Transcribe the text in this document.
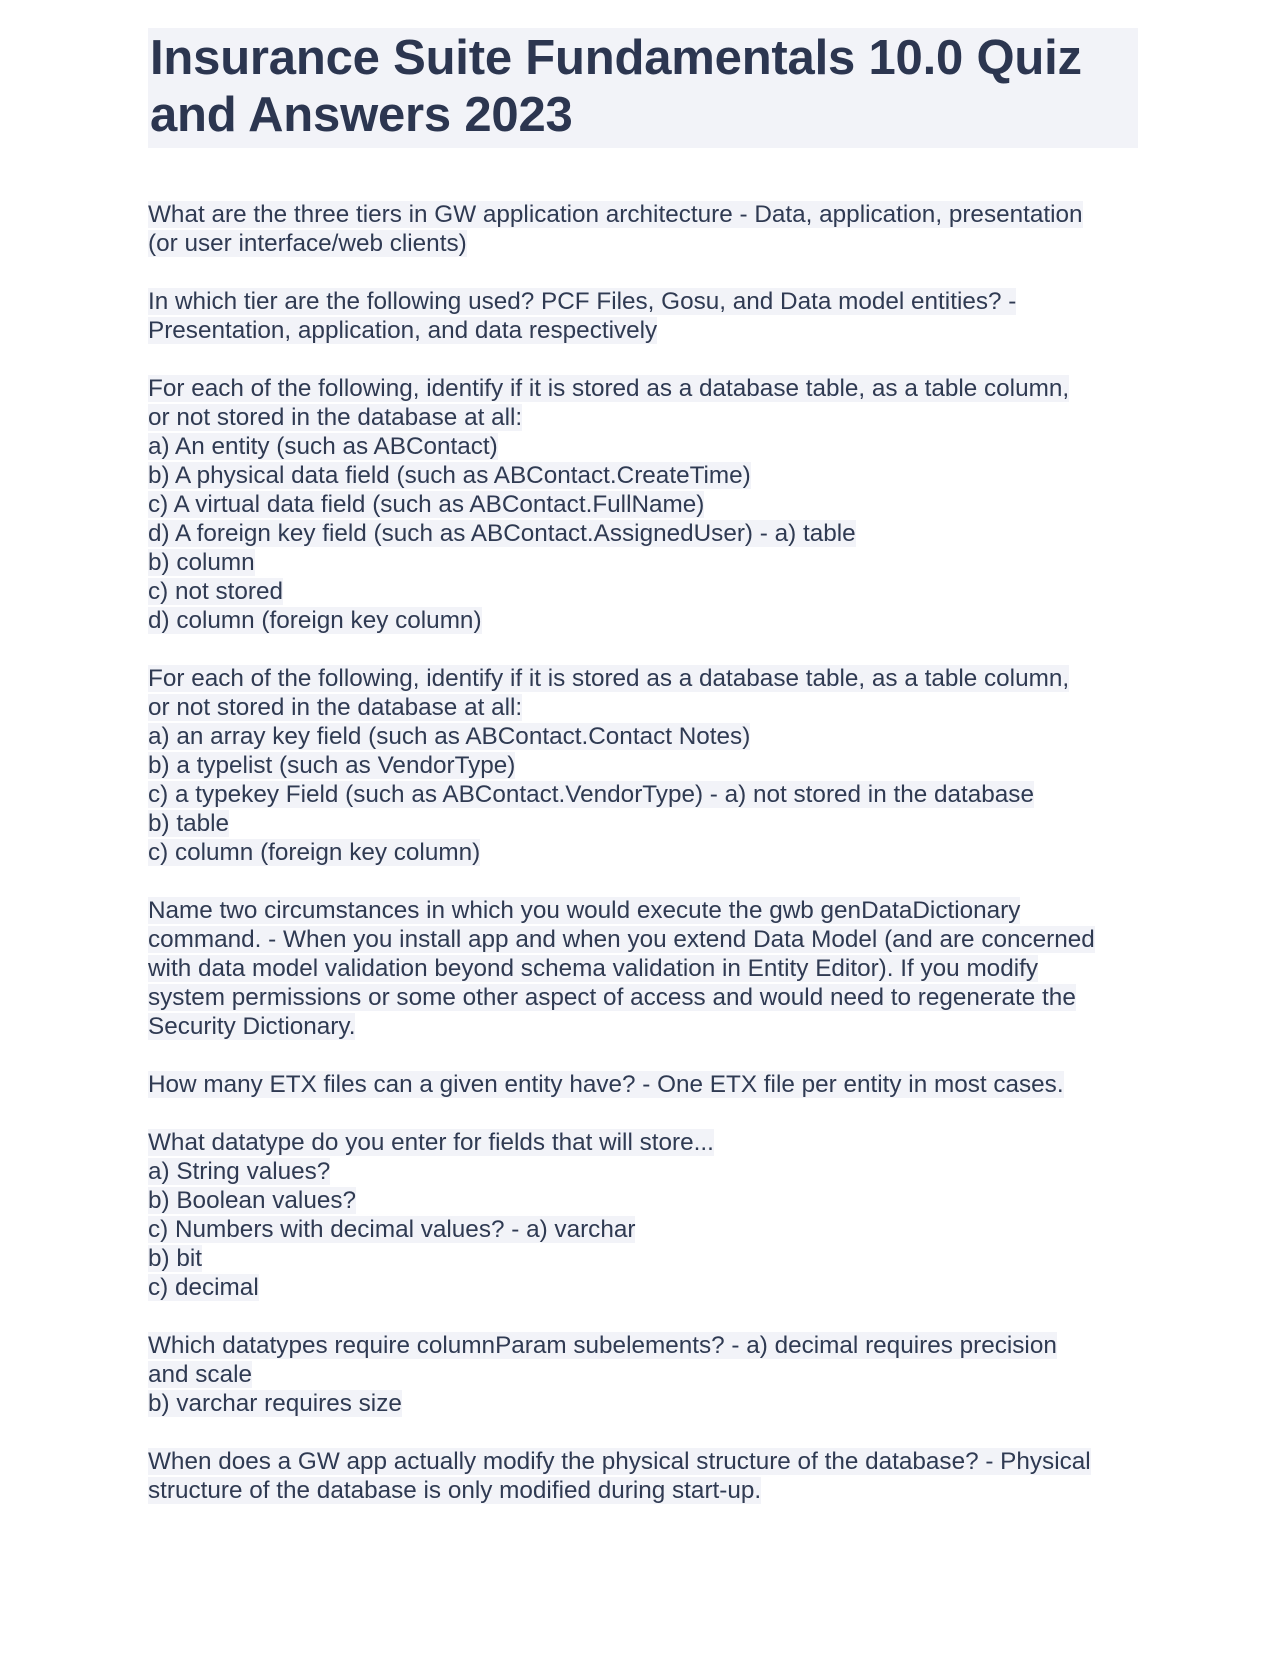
Insurance Suite Fundamentals 10.0 Quiz
and Answers 2023
What are the three tiers in GW application architecture - Data, application, presentation
(or user interface/web clients)
In which tier are the following used? PCF Files, Gosu, and Data model entities? -
Presentation, application, and data respectively
For each of the following, identify if it is stored as a database table, as a table column,
or not stored in the database at all:
a) An entity (such as ABContact)
b) A physical data field (such as ABContact.CreateTime)
c) A virtual data field (such as ABContact.FullName)
d) A foreign key field (such as ABContact.AssignedUser) - a) table
b) column
c) not stored
d) column (foreign key column)
For each of the following, identify if it is stored as a database table, as a table column,
or not stored in the database at all:
a) an array key field (such as ABContact.Contact Notes)
b) a typelist (such as VendorType)
c) a typekey Field (such as ABContact.VendorType) - a) not stored in the database
b) table
c) column (foreign key column)
Name two circumstances in which you would execute the gwb genDataDictionary
command. - When you install app and when you extend Data Model (and are concerned
with data model validation beyond schema validation in Entity Editor). If you modify
system permissions or some other aspect of access and would need to regenerate the
Security Dictionary.
How many ETX files can a given entity have? - One ETX file per entity in most cases.
What datatype do you enter for fields that will store...
a) String values?
b) Boolean values?
c) Numbers with decimal values? - a) varchar
b) bit
c) decimal
Which datatypes require columnParam subelements? - a) decimal requires precision
and scale
b) varchar requires size
When does a GW app actually modify the physical structure of the database? - Physical
structure of the database is only modified during start-up.
